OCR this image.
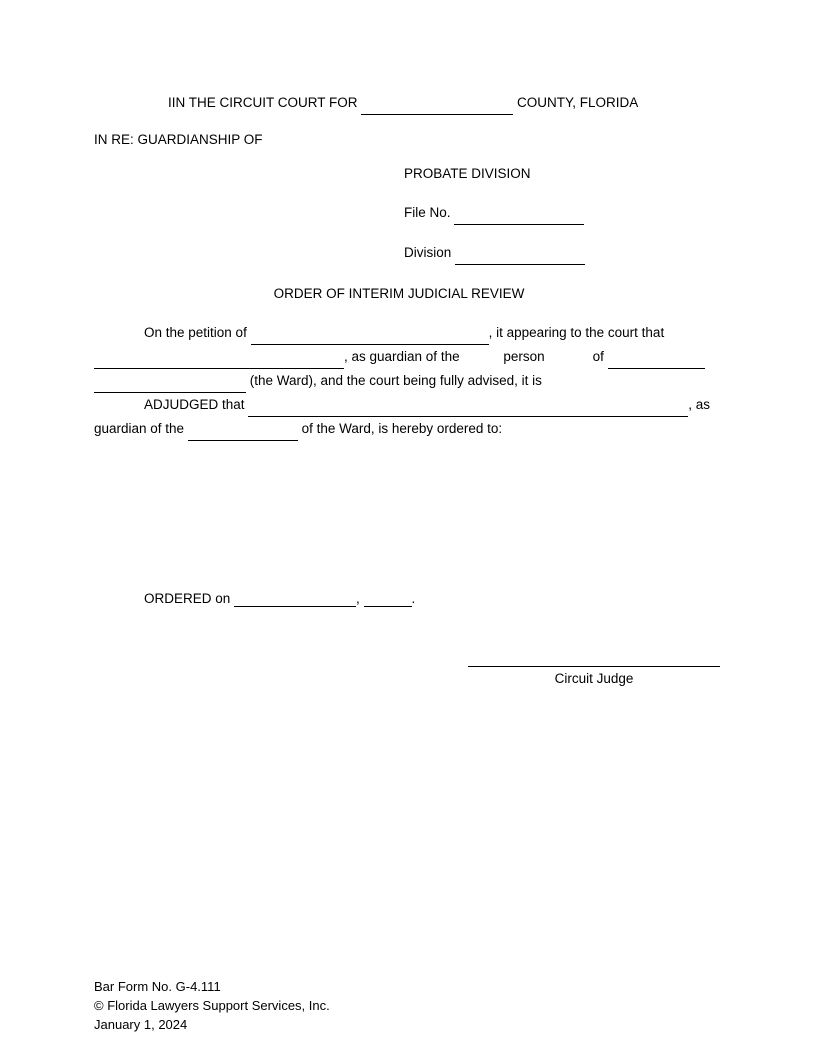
IIN THE CIRCUIT COURT FOR	COUNTY, FLORIDA
IN RE: GUARDIANSHIP OF
PROBATE DIVISION
File No.
Division
ORDER OF INTERIM JUDICIAL REVIEW

On the petition of	, it appearing to the court that
, as guardian of the	person	of
(the Ward), and the court being fully advised, it is

ADJUDGED that	, as
guardian of the	of the Ward, is hereby ordered to:

ORDERED on	,	.
Circuit Judge
Bar Form No. G-4.111
© Florida Lawyers Support Services, Inc.
January 1, 2024
